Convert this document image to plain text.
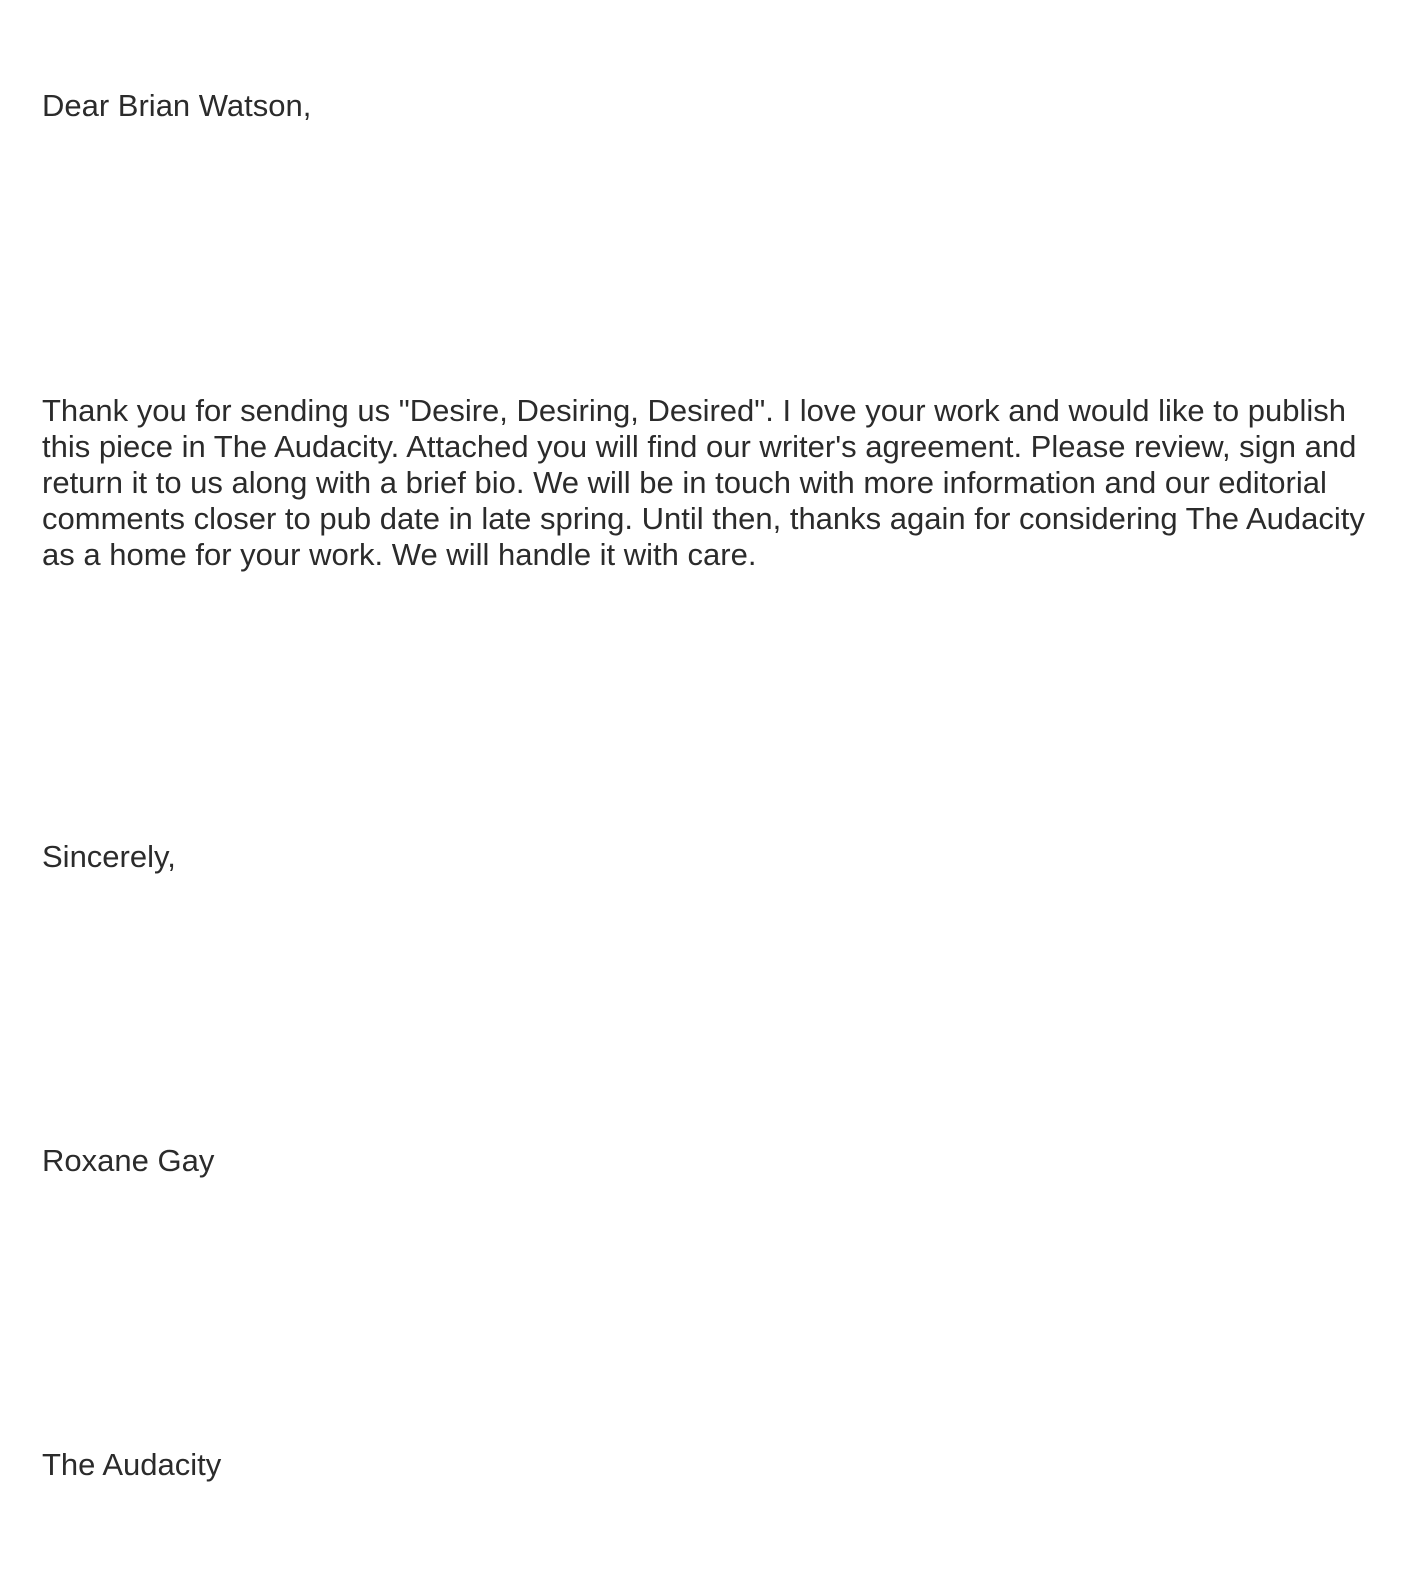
Dear Brian Watson,

Thank you for sending us "Desire, Desiring, Desired". I love your work and would like to publish this piece in The Audacity. Attached you will find our writer's agreement. Please review, sign and return it to us along with a brief bio. We will be in touch with more information and our editorial comments closer to pub date in late spring. Until then, thanks again for considering The Audacity as a home for your work. We will handle it with care.

Sincerely,

Roxane Gay

The Audacity
